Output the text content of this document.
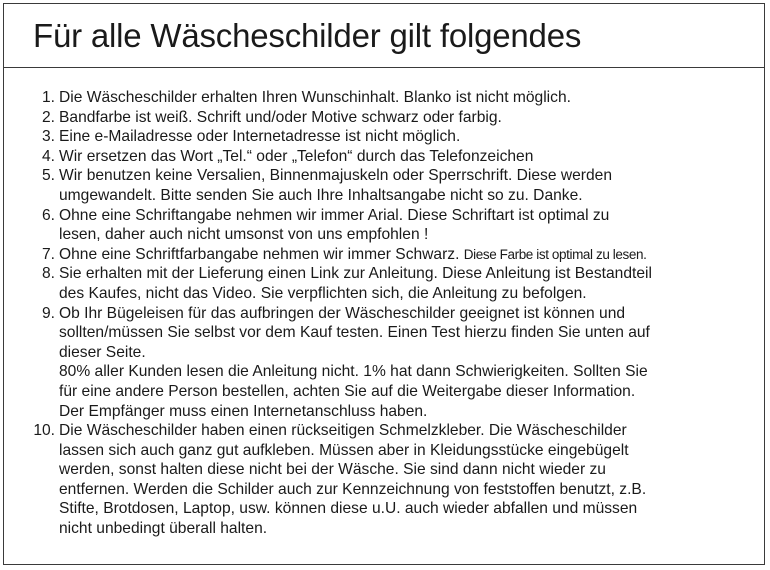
Für alle Wäscheschilder gilt folgendes
1. Die Wäscheschilder erhalten Ihren Wunschinhalt. Blanko ist nicht möglich.
2. Bandfarbe ist weiß. Schrift und/oder Motive schwarz oder farbig.
3. Eine e-Mailadresse oder Internetadresse ist nicht möglich.
4. Wir ersetzen das Wort „Tel.“ oder „Telefon“ durch das Telefonzeichen
5. Wir benutzen keine Versalien, Binnenmajuskeln oder Sperrschrift. Diese werden
umgewandelt. Bitte senden Sie auch Ihre Inhaltsangabe nicht so zu. Danke.
6. Ohne eine Schriftangabe nehmen wir immer Arial. Diese Schriftart ist optimal zu
lesen, daher auch nicht umsonst von uns empfohlen !
7. Ohne eine Schriftfarbangabe nehmen wir immer Schwarz. Diese Farbe ist optimal zu lesen.
8. Sie erhalten mit der Lieferung einen Link zur Anleitung. Diese Anleitung ist Bestandteil
des Kaufes, nicht das Video. Sie verpflichten sich, die Anleitung zu befolgen.
9. Ob Ihr Bügeleisen für das aufbringen der Wäscheschilder geeignet ist können und
sollten/müssen Sie selbst vor dem Kauf testen. Einen Test hierzu finden Sie unten auf
dieser Seite.
80% aller Kunden lesen die Anleitung nicht. 1% hat dann Schwierigkeiten. Sollten Sie
für eine andere Person bestellen, achten Sie auf die Weitergabe dieser Information.
Der Empfänger muss einen Internetanschluss haben.
10. Die Wäscheschilder haben einen rückseitigen Schmelzkleber. Die Wäscheschilder
lassen sich auch ganz gut aufkleben. Müssen aber in Kleidungsstücke eingebügelt
werden, sonst halten diese nicht bei der Wäsche. Sie sind dann nicht wieder zu
entfernen. Werden die Schilder auch zur Kennzeichnung von feststoffen benutzt, z.B.
Stifte, Brotdosen, Laptop, usw. können diese u.U. auch wieder abfallen und müssen
nicht unbedingt überall halten.
